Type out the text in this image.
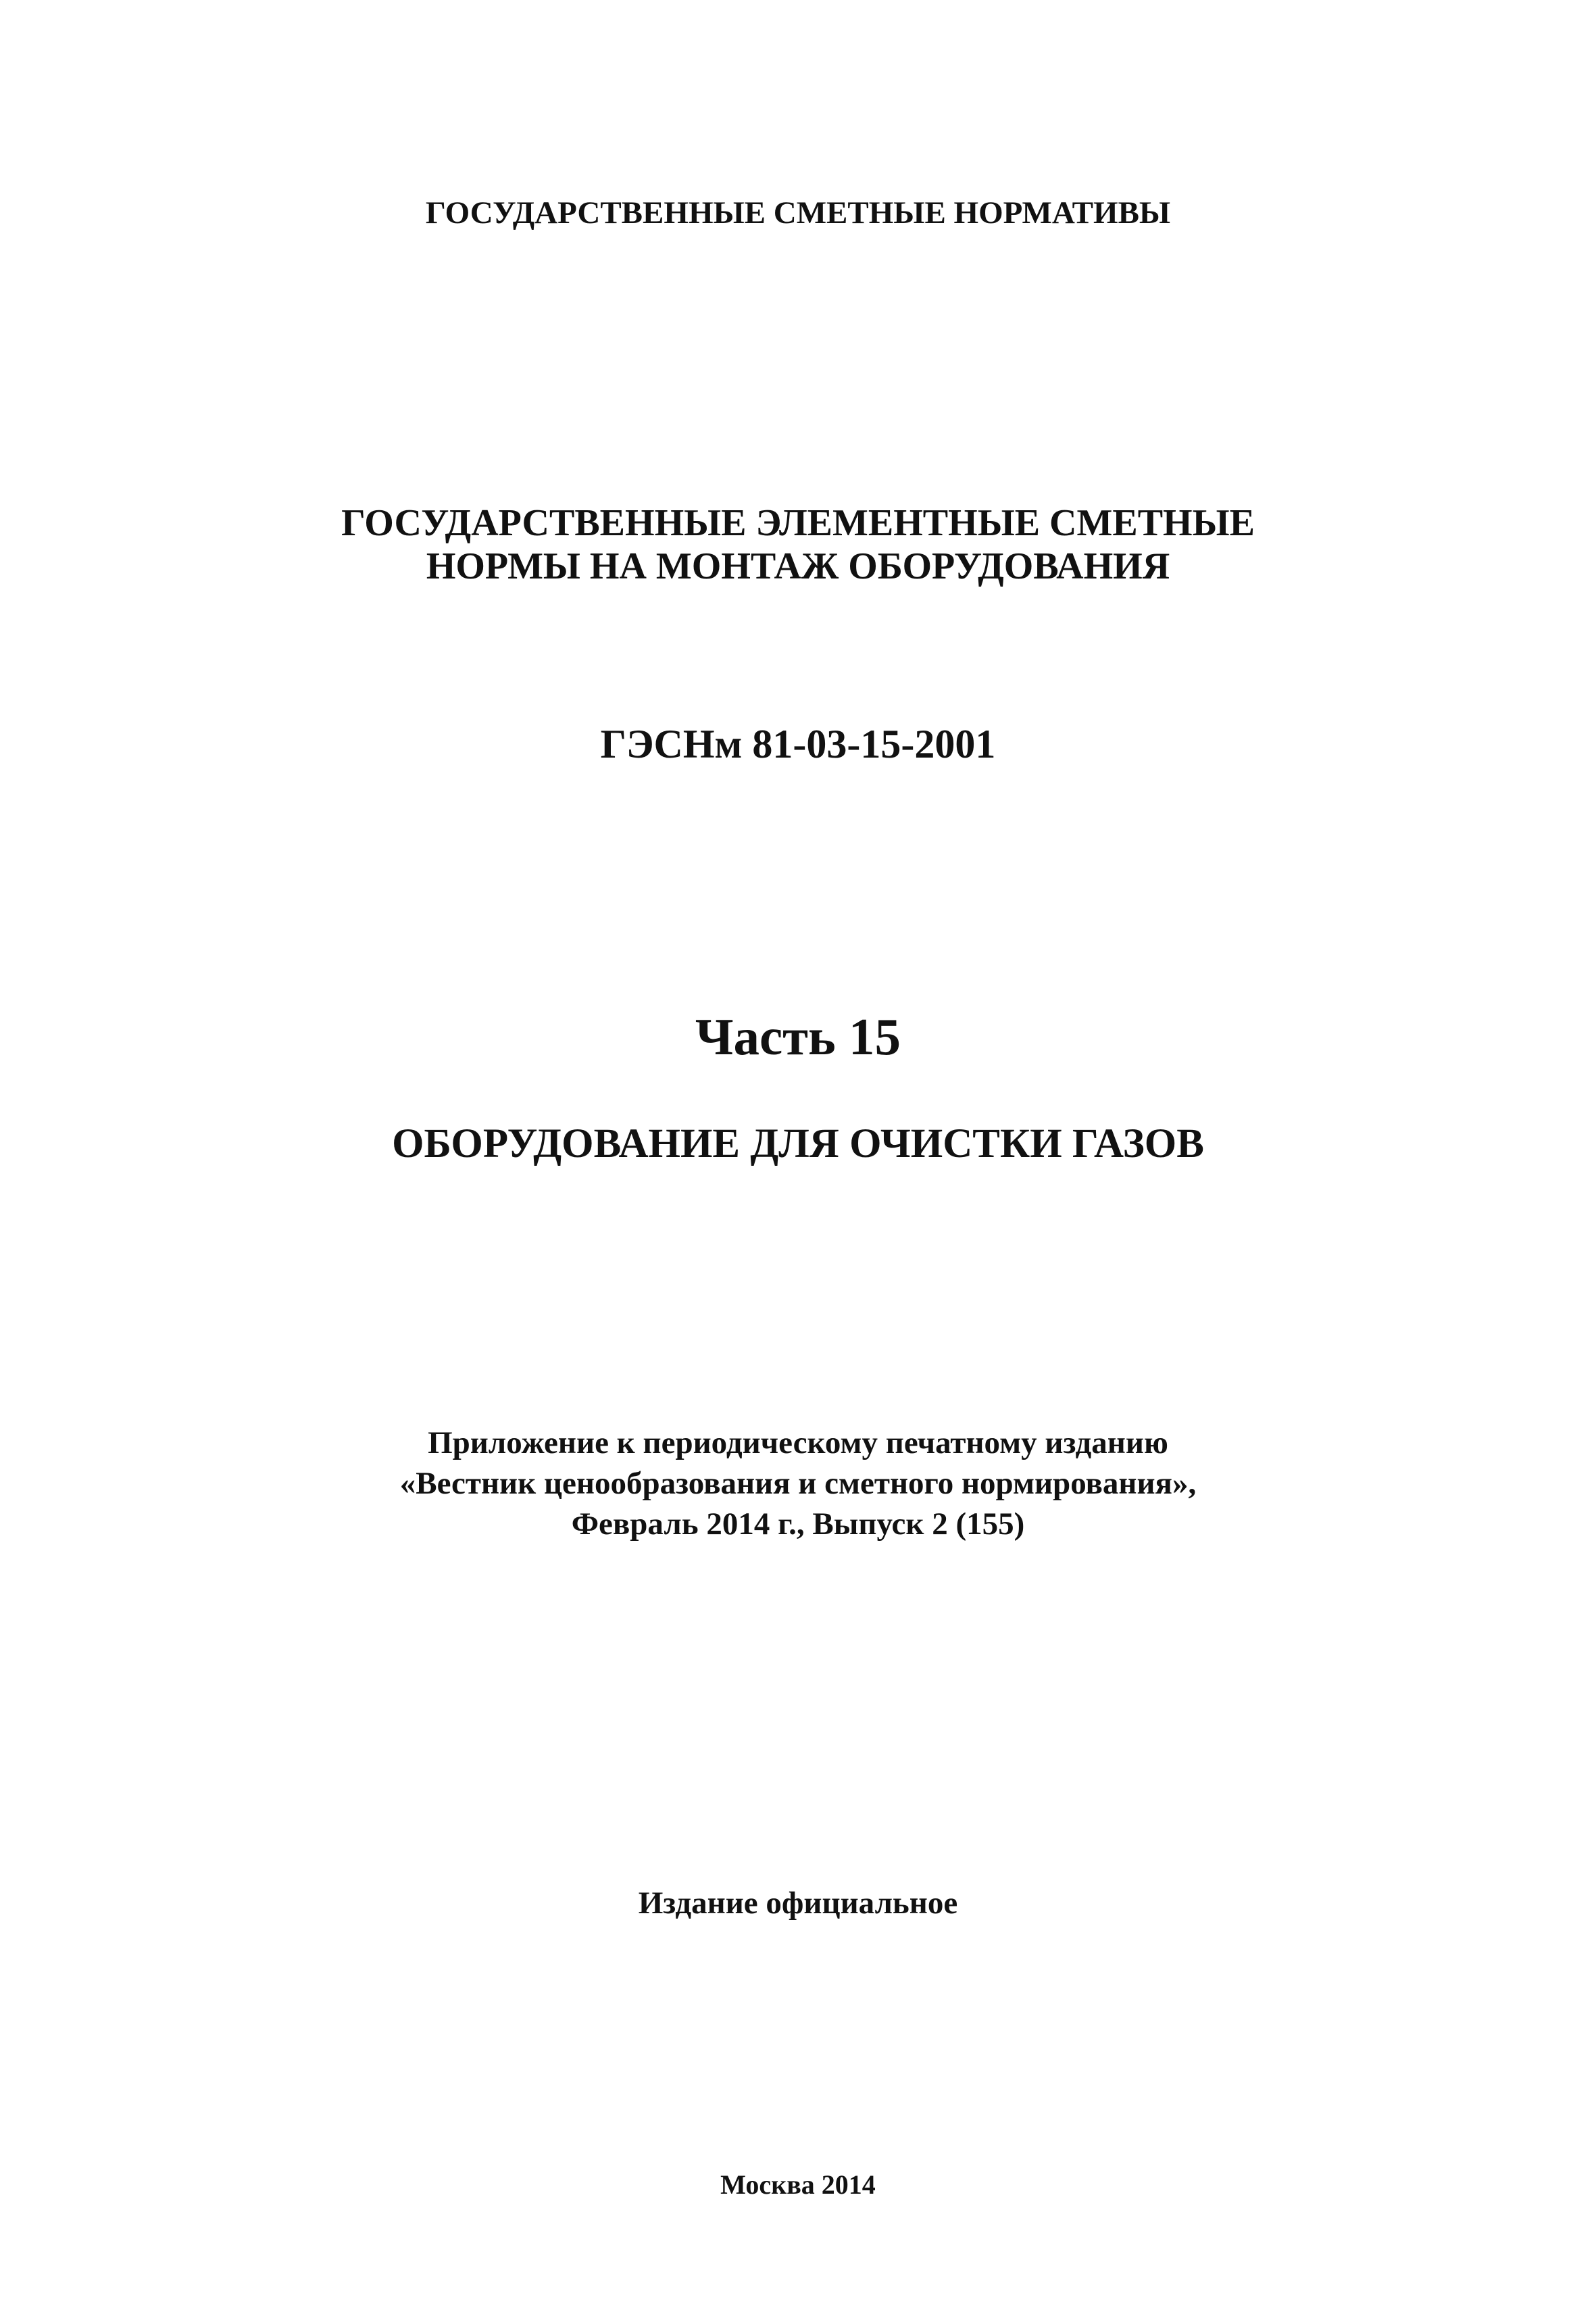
ГОСУДАРСТВЕННЫЕ СМЕТНЫЕ НОРМАТИВЫ

ГОСУДАРСТВЕННЫЕ ЭЛЕМЕНТНЫЕ СМЕТНЫЕ

НОРМЫ НА МОНТАЖ ОБОРУДОВАНИЯ

ГЭСНм 81-03-15-2001

Часть 15

ОБОРУДОВАНИЕ ДЛЯ ОЧИСТКИ ГАЗОВ

Приложение к периодическому печатному изданию

«Вестник ценообразования и сметного нормирования»,

Февраль 2014 г., Выпуск 2 (155)

Издание официальное

Москва 2014
